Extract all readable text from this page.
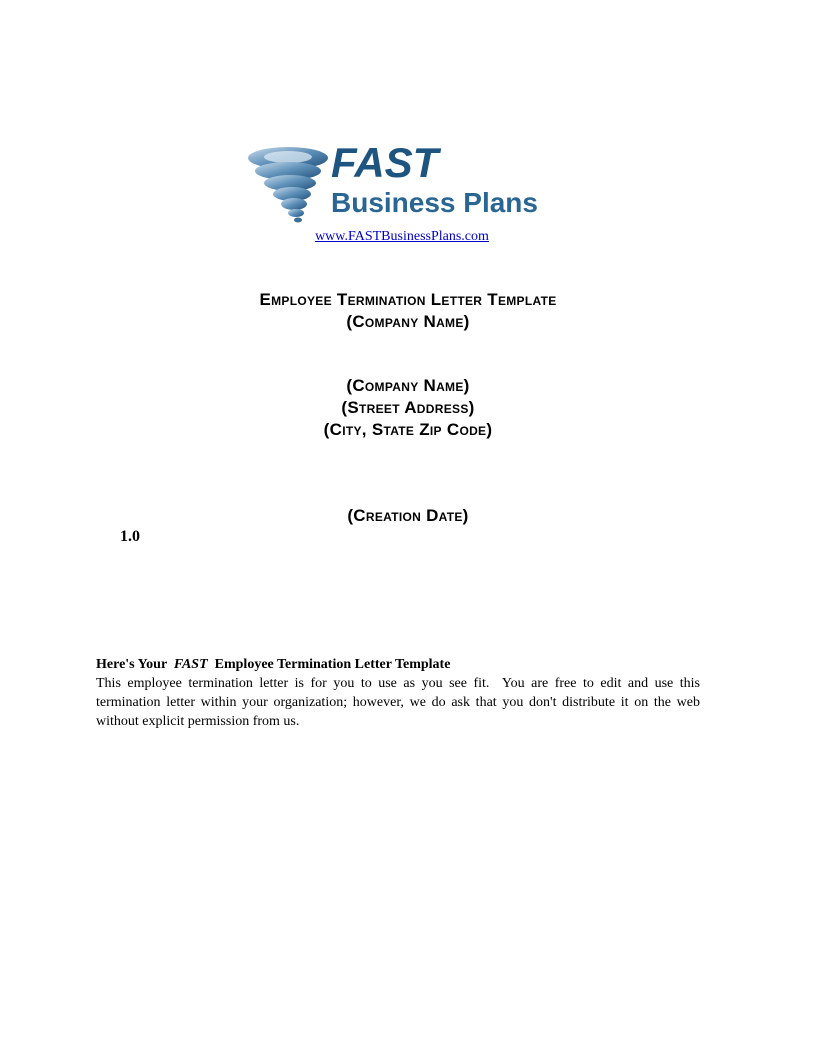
FAST
Business Plans
www.FASTBusinessPlans.com
Employee Termination Letter Template
(Company Name)
(Company Name)
(Street Address)
(City, State Zip Code)
(Creation Date)
1.0
Here's Your FAST Employee Termination Letter Template
This employee termination letter is for you to use as you see fit.  You are free to edit and use this termination letter within your organization; however, we do ask that you don't distribute it on the web without explicit permission from us.
